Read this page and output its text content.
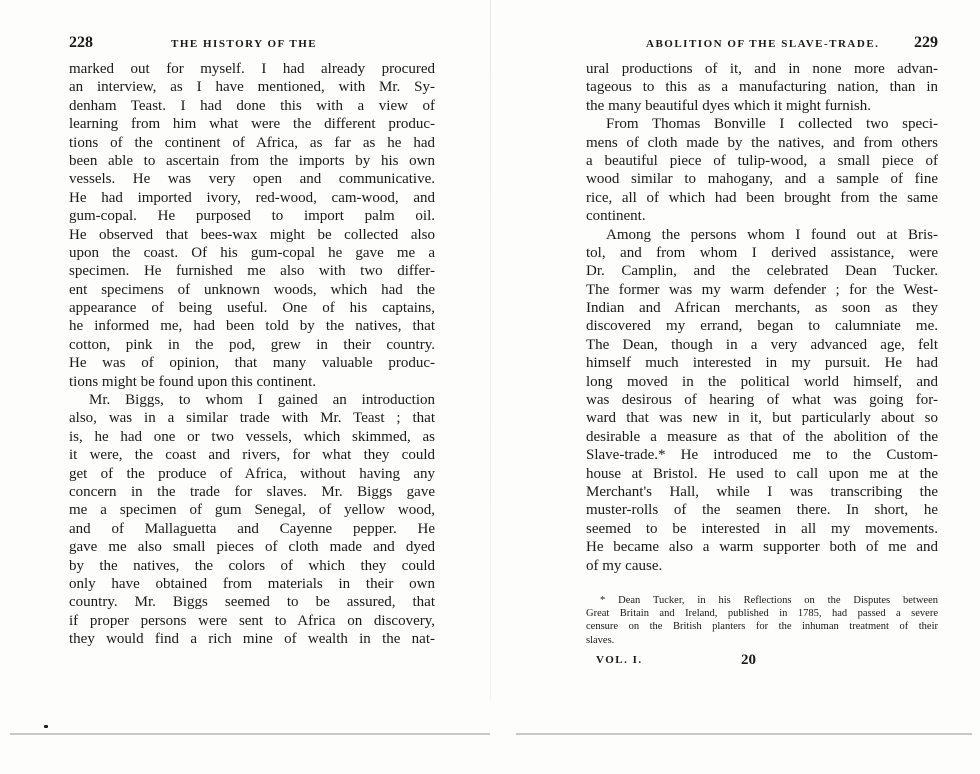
228	THE HISTORY OF THE
marked out for myself. I had already procured
an interview, as I have mentioned, with Mr. Sy-
denham Teast. I had done this with a view of
learning from him what were the different produc-
tions of the continent of Africa, as far as he had
been able to ascertain from the imports by his own
vessels. He was very open and communicative.
He had imported ivory, red-wood, cam-wood, and
gum-copal. He purposed to import palm oil.
He observed that bees-wax might be collected also
upon the coast. Of his gum-copal he gave me a
specimen. He furnished me also with two differ-
ent specimens of unknown woods, which had the
appearance of being useful. One of his captains,
he informed me, had been told by the natives, that
cotton, pink in the pod, grew in their country.
He was of opinion, that many valuable produc-
tions might be found upon this continent.
Mr. Biggs, to whom I gained an introduction
also, was in a similar trade with Mr. Teast ; that
is, he had one or two vessels, which skimmed, as
it were, the coast and rivers, for what they could
get of the produce of Africa, without having any
concern in the trade for slaves. Mr. Biggs gave
me a specimen of gum Senegal, of yellow wood,
and of Mallaguetta and Cayenne pepper. He
gave me also small pieces of cloth made and dyed
by the natives, the colors of which they could
only have obtained from materials in their own
country. Mr. Biggs seemed to be assured, that
if proper persons were sent to Africa on discovery,
they would find a rich mine of wealth in the nat-
ABOLITION OF THE SLAVE-TRADE. 229
ural productions of it, and in none more advan-
tageous to this as a manufacturing nation, than in
the many beautiful dyes which it might furnish.
From Thomas Bonville I collected two speci-
mens of cloth made by the natives, and from others
a beautiful piece of tulip-wood, a small piece of
wood similar to mahogany, and a sample of fine
rice, all of which had been brought from the same
continent.
Among the persons whom I found out at Bris-
tol, and from whom I derived assistance, were
Dr. Camplin, and the celebrated Dean Tucker.
The former was my warm defender ; for the West-
Indian and African merchants, as soon as they
discovered my errand, began to calumniate me.
The Dean, though in a very advanced age, felt
himself much interested in my pursuit. He had
long moved in the political world himself, and
was desirous of hearing of what was going for-
ward that was new in it, but particularly about so
desirable a measure as that of the abolition of the
Slave-trade.* He introduced me to the Custom-
house at Bristol. He used to call upon me at the
Merchant's Hall, while I was transcribing the
muster-rolls of the seamen there. In short, he
seemed to be interested in all my movements.
He became also a warm supporter both of me and
of my cause.
* Dean Tucker, in his Reflections on the Disputes between
Great Britain and Ireland, published in 1785, had passed a severe
censure on the British planters for the inhuman treatment of their
slaves.
VOL. I.	20
